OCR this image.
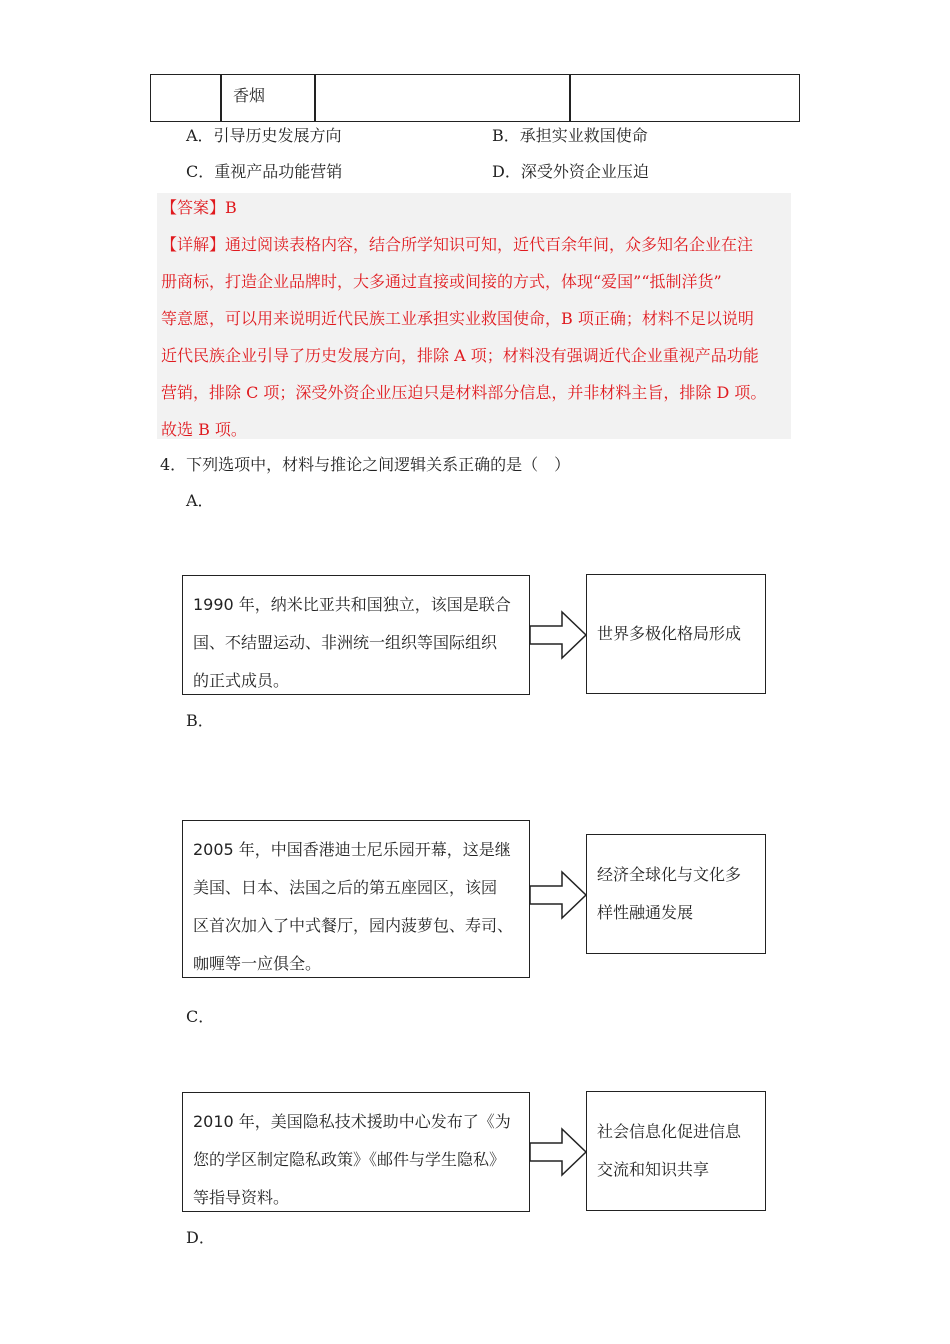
香烟
A．引导历史发展方向	B．承担实业救国使命
C．重视产品功能营销	D．深受外资企业压迫
【答案】B
【详解】通过阅读表格内容，结合所学知识可知，近代百余年间，众多知名企业在注
册商标，打造企业品牌时，大多通过直接或间接的方式，体现“爱国”“抵制洋货”
等意愿，可以用来说明近代民族工业承担实业救国使命，B 项正确；材料不足以说明
近代民族企业引导了历史发展方向，排除 A 项；材料没有强调近代企业重视产品功能
营销，排除 C 项；深受外资企业压迫只是材料部分信息，并非材料主旨，排除 D 项。
故选 B 项。
4．下列选项中，材料与推论之间逻辑关系正确的是（　）
A．
1990 年，纳米比亚共和国独立，该国是联合
国、不结盟运动、非洲统一组织等国际组织
的正式成员。
世界多极化格局形成
B．
2005 年，中国香港迪士尼乐园开幕，这是继
美国、日本、法国之后的第五座园区，该园
区首次加入了中式餐厅，园内菠萝包、寿司、
咖喱等一应俱全。
经济全球化与文化多
样性融通发展
C．
2010 年，美国隐私技术援助中心发布了《为
您的学区制定隐私政策》《邮件与学生隐私》
等指导资料。
社会信息化促进信息
交流和知识共享
D．
